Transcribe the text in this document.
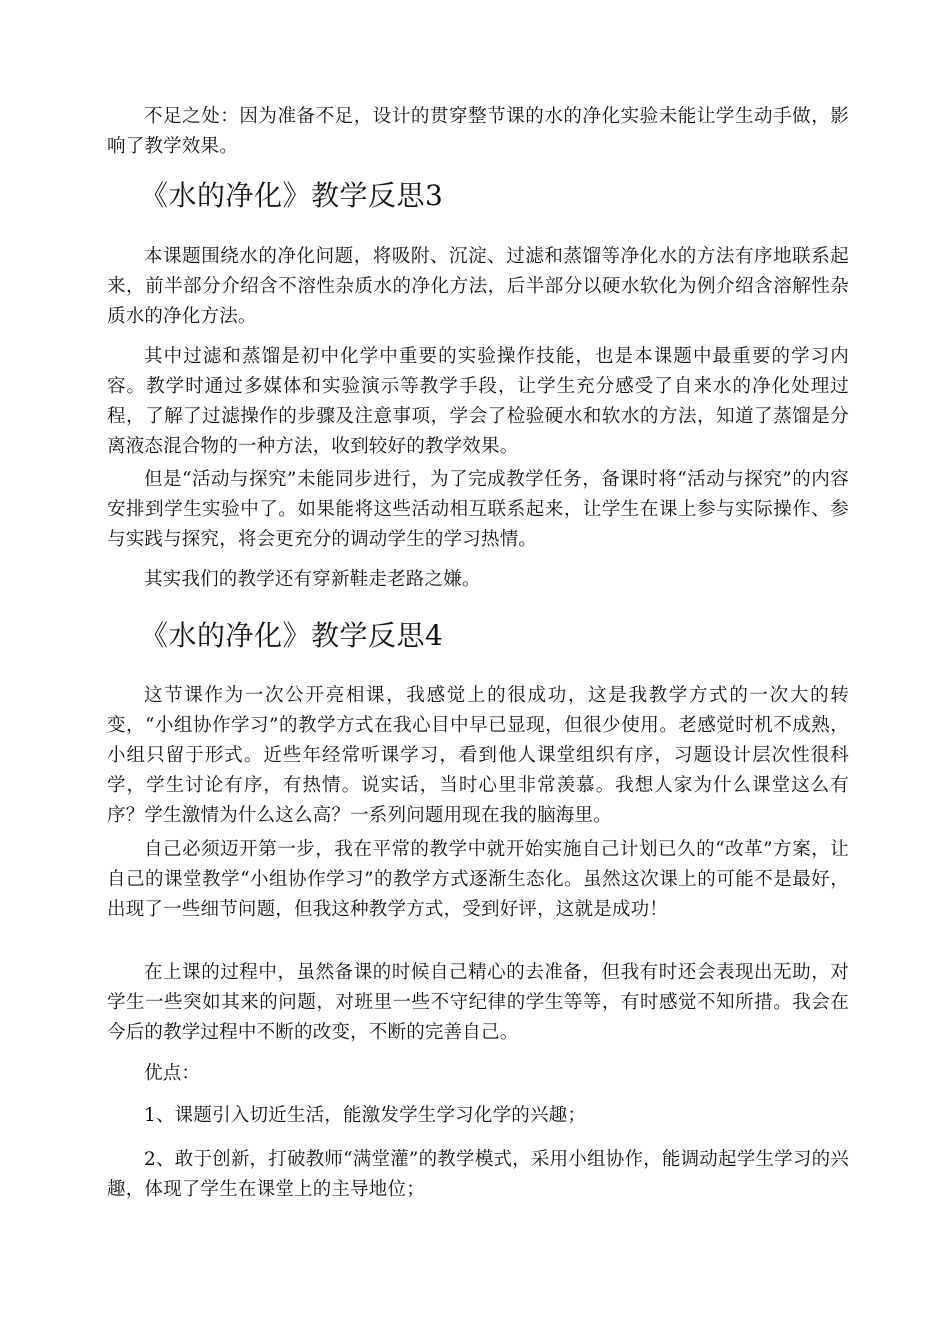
不足之处：因为准备不足，设计的贯穿整节课的水的净化实验未能让学生动手做，影响了教学效果。

《水的净化》教学反思3

本课题围绕水的净化问题，将吸附、沉淀、过滤和蒸馏等净化水的方法有序地联系起来，前半部分介绍含不溶性杂质水的净化方法，后半部分以硬水软化为例介绍含溶解性杂质水的净化方法。

其中过滤和蒸馏是初中化学中重要的实验操作技能，也是本课题中最重要的学习内容。教学时通过多媒体和实验演示等教学手段，让学生充分感受了自来水的净化处理过程，了解了过滤操作的步骤及注意事项，学会了检验硬水和软水的方法，知道了蒸馏是分离液态混合物的一种方法，收到较好的教学效果。

但是“活动与探究”未能同步进行，为了完成教学任务，备课时将“活动与探究”的内容安排到学生实验中了。如果能将这些活动相互联系起来，让学生在课上参与实际操作、参与实践与探究，将会更充分的调动学生的学习热情。

其实我们的教学还有穿新鞋走老路之嫌。

《水的净化》教学反思4

这节课作为一次公开亮相课，我感觉上的很成功，这是我教学方式的一次大的转变，“小组协作学习”的教学方式在我心目中早已显现，但很少使用。老感觉时机不成熟，小组只留于形式。近些年经常听课学习，看到他人课堂组织有序，习题设计层次性很科学，学生讨论有序，有热情。说实话，当时心里非常羡慕。我想人家为什么课堂这么有序？学生激情为什么这么高？一系列问题用现在我的脑海里。

自己必须迈开第一步，我在平常的教学中就开始实施自己计划已久的“改革”方案，让自己的课堂教学“小组协作学习”的教学方式逐渐生态化。虽然这次课上的可能不是最好，出现了一些细节问题，但我这种教学方式，受到好评，这就是成功！

在上课的过程中，虽然备课的时候自己精心的去准备，但我有时还会表现出无助，对学生一些突如其来的问题，对班里一些不守纪律的学生等等，有时感觉不知所措。我会在今后的教学过程中不断的改变，不断的完善自己。

优点：

1、课题引入切近生活，能激发学生学习化学的兴趣；

2、敢于创新，打破教师“满堂灌”的教学模式，采用小组协作，能调动起学生学习的兴趣，体现了学生在课堂上的主导地位；
